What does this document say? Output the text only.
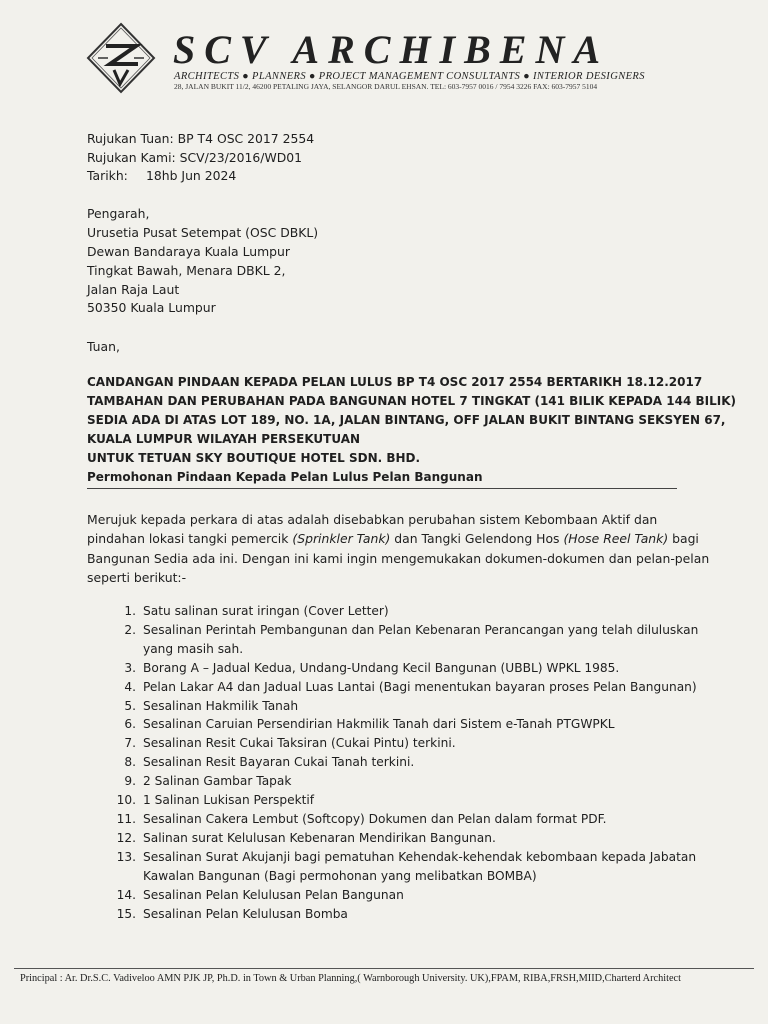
SCV ARCHIBENA
ARCHITECTS ● PLANNERS ● PROJECT MANAGEMENT CONSULTANTS ● INTERIOR DESIGNERS
28, JALAN BUKIT 11/2, 46200 PETALING JAYA, SELANGOR DARUL EHSAN. TEL: 603-7957 0016 / 7954 3226 FAX: 603-7957 5104
Rujukan Tuan: BP T4 OSC 2017 2554
Rujukan Kami: SCV/23/2016/WD01
Tarikh: 18hb Jun 2024
Pengarah,
Urusetia Pusat Setempat (OSC DBKL)
Dewan Bandaraya Kuala Lumpur
Tingkat Bawah, Menara DBKL 2,
Jalan Raja Laut
50350 Kuala Lumpur
Tuan,
CANDANGAN PINDAAN KEPADA PELAN LULUS BP T4 OSC 2017 2554 BERTARIKH 18.12.2017
TAMBAHAN DAN PERUBAHAN PADA BANGUNAN HOTEL 7 TINGKAT (141 BILIK KEPADA 144 BILIK)
SEDIA ADA DI ATAS LOT 189, NO. 1A, JALAN BINTANG, OFF JALAN BUKIT BINTANG SEKSYEN 67,
KUALA LUMPUR WILAYAH PERSEKUTUAN
UNTUK TETUAN SKY BOUTIQUE HOTEL SDN. BHD.
Permohonan Pindaan Kepada Pelan Lulus Pelan Bangunan
Merujuk kepada perkara di atas adalah disebabkan perubahan sistem Kebombaan Aktif dan
pindahan lokasi tangki pemercik (Sprinkler Tank) dan Tangki Gelendong Hos (Hose Reel Tank) bagi
Bangunan Sedia ada ini. Dengan ini kami ingin mengemukakan dokumen-dokumen dan pelan-pelan
seperti berikut:-
1. Satu salinan surat iringan (Cover Letter)
2. Sesalinan Perintah Pembangunan dan Pelan Kebenaran Perancangan yang telah diluluskan
yang masih sah.
3. Borang A – Jadual Kedua, Undang-Undang Kecil Bangunan (UBBL) WPKL 1985.
4. Pelan Lakar A4 dan Jadual Luas Lantai (Bagi menentukan bayaran proses Pelan Bangunan)
5. Sesalinan Hakmilik Tanah
6. Sesalinan Caruian Persendirian Hakmilik Tanah dari Sistem e-Tanah PTGWPKL
7. Sesalinan Resit Cukai Taksiran (Cukai Pintu) terkini.
8. Sesalinan Resit Bayaran Cukai Tanah terkini.
9. 2 Salinan Gambar Tapak
10. 1 Salinan Lukisan Perspektif
11. Sesalinan Cakera Lembut (Softcopy) Dokumen dan Pelan dalam format PDF.
12. Salinan surat Kelulusan Kebenaran Mendirikan Bangunan.
13. Sesalinan Surat Akujanji bagi pematuhan Kehendak-kehendak kebombaan kepada Jabatan
Kawalan Bangunan (Bagi permohonan yang melibatkan BOMBA)
14. Sesalinan Pelan Kelulusan Pelan Bangunan
15. Sesalinan Pelan Kelulusan Bomba
Principal : Ar. Dr.S.C. Vadiveloo AMN PJK JP, Ph.D. in Town & Urban Planning,( Warnborough University. UK),FPAM, RIBA,FRSH,MIID,Charterd Architect
